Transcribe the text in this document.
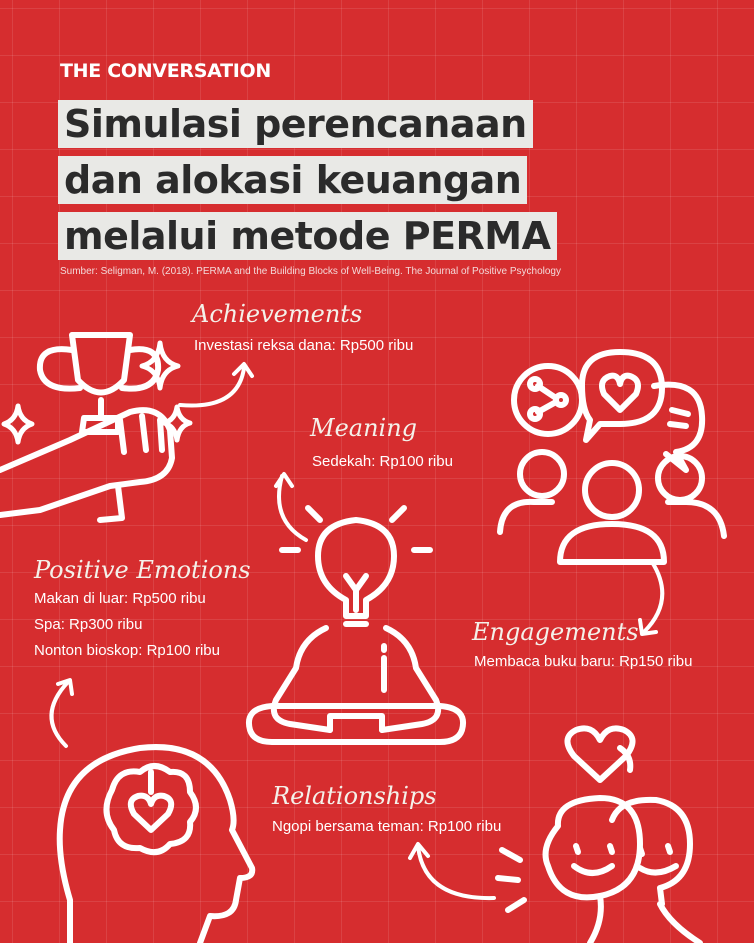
THE CONVERSATION
Simulasi perencanaan
dan alokasi keuangan
melalui metode PERMA
Sumber: Seligman, M. (2018). PERMA and the Building Blocks of Well-Being. The Journal of Positive Psychology
Achievements
Investasi reksa dana: Rp500 ribu
Meaning
Sedekah: Rp100 ribu
Positive Emotions
Makan di luar: Rp500 ribu
Spa: Rp300 ribu
Nonton bioskop: Rp100 ribu
Engagements
Membaca buku baru: Rp150 ribu
Relationships
Ngopi bersama teman: Rp100 ribu
